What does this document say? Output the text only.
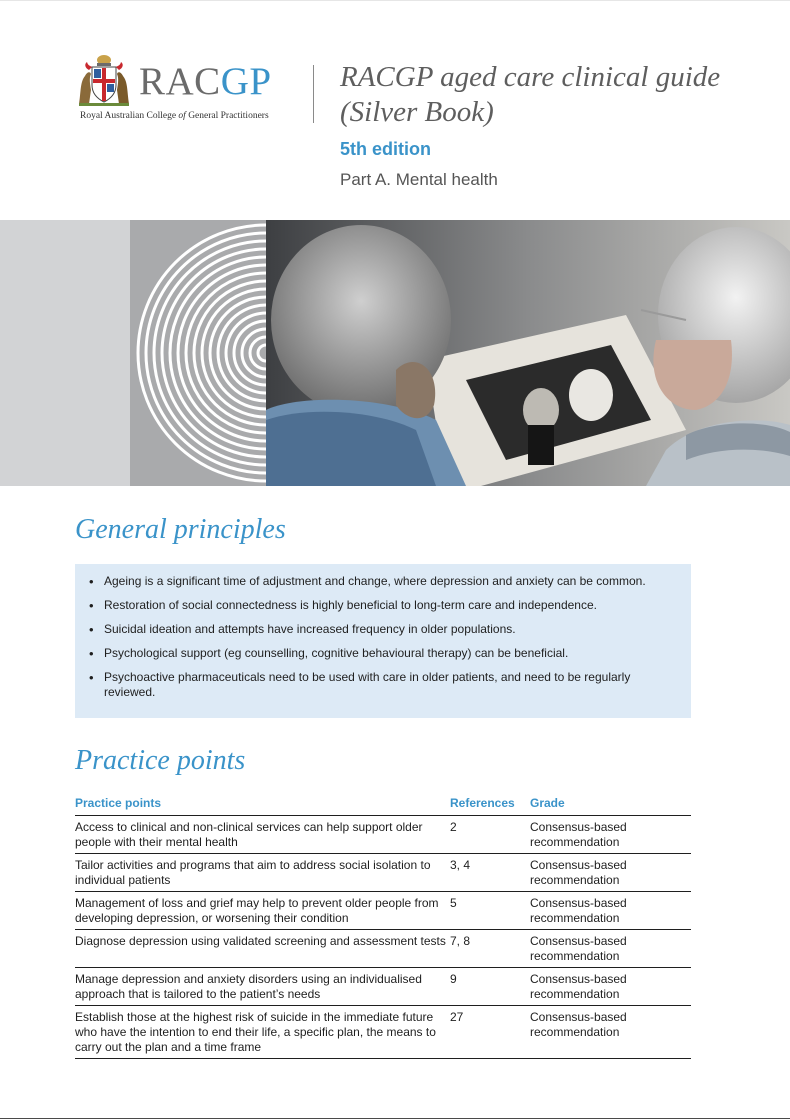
RACGP
Royal Australian College of General Practitioners
RACGP aged care clinical guide (Silver Book)
5th edition
Part A. Mental health
General principles
• Ageing is a significant time of adjustment and change, where depression and anxiety can be common.
• Restoration of social connectedness is highly beneficial to long-term care and independence.
• Suicidal ideation and attempts have increased frequency in older populations.
• Psychological support (eg counselling, cognitive behavioural therapy) can be beneficial.
• Psychoactive pharmaceuticals need to be used with care in older patients, and need to be regularly reviewed.
Practice points
Practice points	References	Grade
Access to clinical and non-clinical services can help support older people with their mental health	2	Consensus-based recommendation
Tailor activities and programs that aim to address social isolation to individual patients	3, 4	Consensus-based recommendation
Management of loss and grief may help to prevent older people from developing depression, or worsening their condition	5	Consensus-based recommendation
Diagnose depression using validated screening and assessment tests	7, 8	Consensus-based recommendation
Manage depression and anxiety disorders using an individualised approach that is tailored to the patient’s needs	9	Consensus-based recommendation
Establish those at the highest risk of suicide in the immediate future who have the intention to end their life, a specific plan, the means to carry out the plan and a time frame	27	Consensus-based recommendation
